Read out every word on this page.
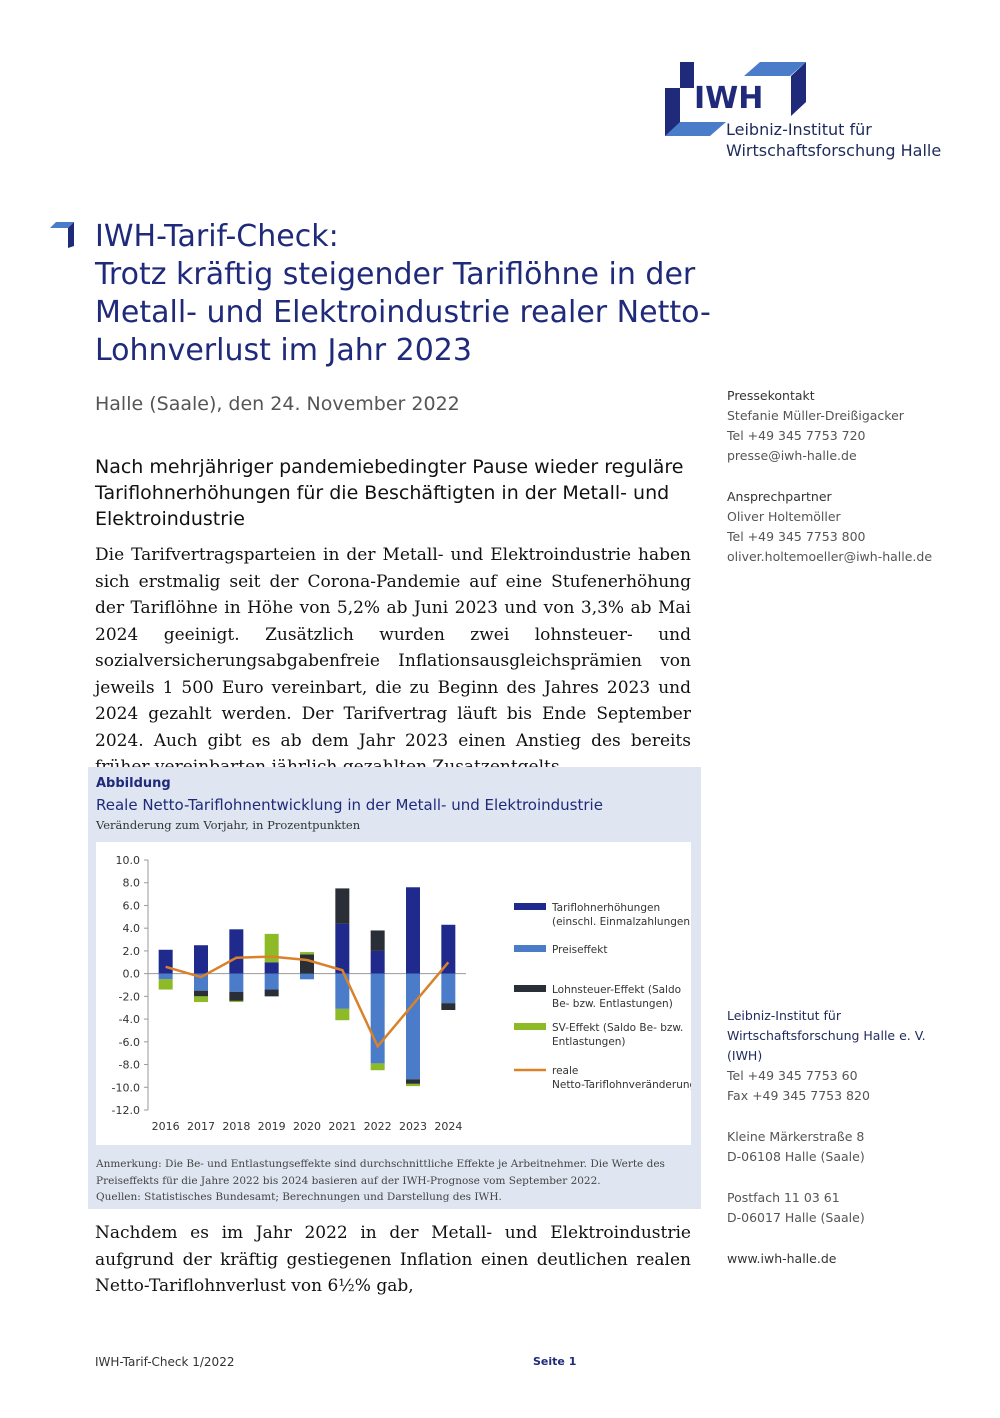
IWH
Leibniz-Institut für
Wirtschaftsforschung Halle
IWH-Tarif-Check:
Trotz kräftig steigender Tariflöhne in der
Metall- und Elektroindustrie realer Netto-
Lohnverlust im Jahr 2023
Halle (Saale), den 24. November 2022
Nach mehrjähriger pandemiebedingter Pause wieder reguläre Tariflohnerhöhungen für die Beschäftigten in der Metall- und Elektroindustrie
Die Tarifvertragsparteien in der Metall- und Elektroindustrie haben sich erstmalig seit der Corona-Pandemie auf eine Stufenerhöhung der Tariflöhne in Höhe von 5,2% ab Juni 2023 und von 3,3% ab Mai 2024 geeinigt. Zusätzlich wurden zwei lohnsteuer- und sozialversicherungsabgabenfreie Inflationsausgleichsprämien von jeweils 1 500 Euro vereinbart, die zu Beginn des Jahres 2023 und 2024 gezahlt werden. Der Tarifvertrag läuft bis Ende September 2024. Auch gibt es ab dem Jahr 2023 einen Anstieg des bereits
Pressekontakt
Stefanie Müller-Dreißigacker
Tel +49 345 7753 720
presse@iwh-halle.de
Ansprechpartner
Oliver Holtemöller
Tel +49 345 7753 800
oliver.holtemoeller@iwh-halle.de
Leibniz-Institut für
Wirtschaftsforschung Halle e. V.
(IWH)
Tel +49 345 7753 60
Fax +49 345 7753 820
Kleine Märkerstraße 8
D-06108 Halle (Saale)
Postfach 11 03 61
D-06017 Halle (Saale)
www.iwh-halle.de
Abbildung
Reale Netto-Tariflohnentwicklung in der Metall- und Elektroindustrie
Veränderung zum Vorjahr, in Prozentpunkten
10.0
8.0
6.0
4.0
2.0
0.0
-2.0
-4.0
-6.0
-8.0
-10.0
-12.0
2016 2017 2018 2019 2020 2021 2022 2023 2024
Tariflohnerhöhungen
(einschl. Einmalzahlungen)
Preiseffekt
Lohnsteuer-Effekt (Saldo
Be- bzw. Entlastungen)
SV-Effekt (Saldo Be- bzw.
Entlastungen)
reale
Netto-Tariflohnveränderung
Anmerkung: Die Be- und Entlastungseffekte sind durchschnittliche Effekte je Arbeitnehmer. Die Werte des Preiseffekts für die Jahre 2022 bis 2024 basieren auf der IWH-Prognose vom September 2022.
Quellen: Statistisches Bundesamt; Berechnungen und Darstellung des IWH.
Nachdem es im Jahr 2022 in der Metall- und Elektroindustrie aufgrund der kräftig gestiegenen Inflation einen deutlichen realen Netto-Tariflohnverlust von 6½% gab,
IWH-Tarif-Check 1/2022	Seite 1
